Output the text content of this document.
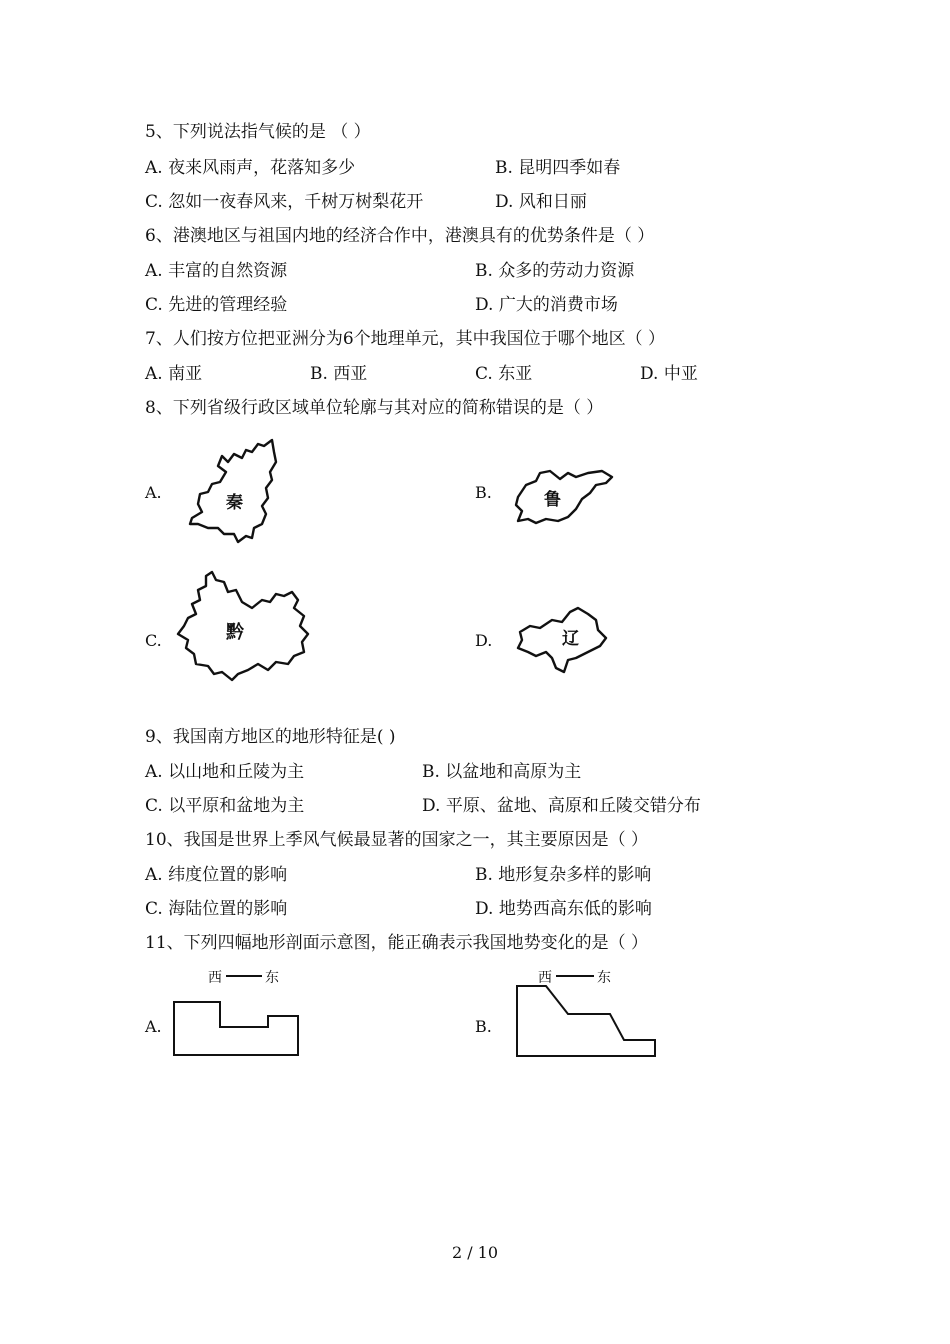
5、下列说法指气候的是 （ ）
A. 夜来风雨声，花落知多少	B. 昆明四季如春
C. 忽如一夜春风来，千树万树梨花开	D. 风和日丽
6、港澳地区与祖国内地的经济合作中，港澳具有的优势条件是（ ）
A. 丰富的自然资源	B. 众多的劳动力资源
C. 先进的管理经验	D. 广大的消费市场
7、人们按方位把亚洲分为6个地理单元，其中我国位于哪个地区（ ）
A. 南亚	B. 西亚	C. 东亚	D. 中亚
8、下列省级行政区域单位轮廓与其对应的简称错误的是（ ）
A.
秦
B.	鲁
C.	黔	D.	辽
9、我国南方地区的地形特征是( )
A. 以山地和丘陵为主	B. 以盆地和高原为主
C. 以平原和盆地为主	D. 平原、盆地、高原和丘陵交错分布
10、我国是世界上季风气候最显著的国家之一，其主要原因是（ ）
A. 纬度位置的影响	B. 地形复杂多样的影响
C. 海陆位置的影响	D. 地势西高东低的影响
11、下列四幅地形剖面示意图，能正确表示我国地势变化的是（ ）
A.
西	东
B.
西	东
2 / 10
